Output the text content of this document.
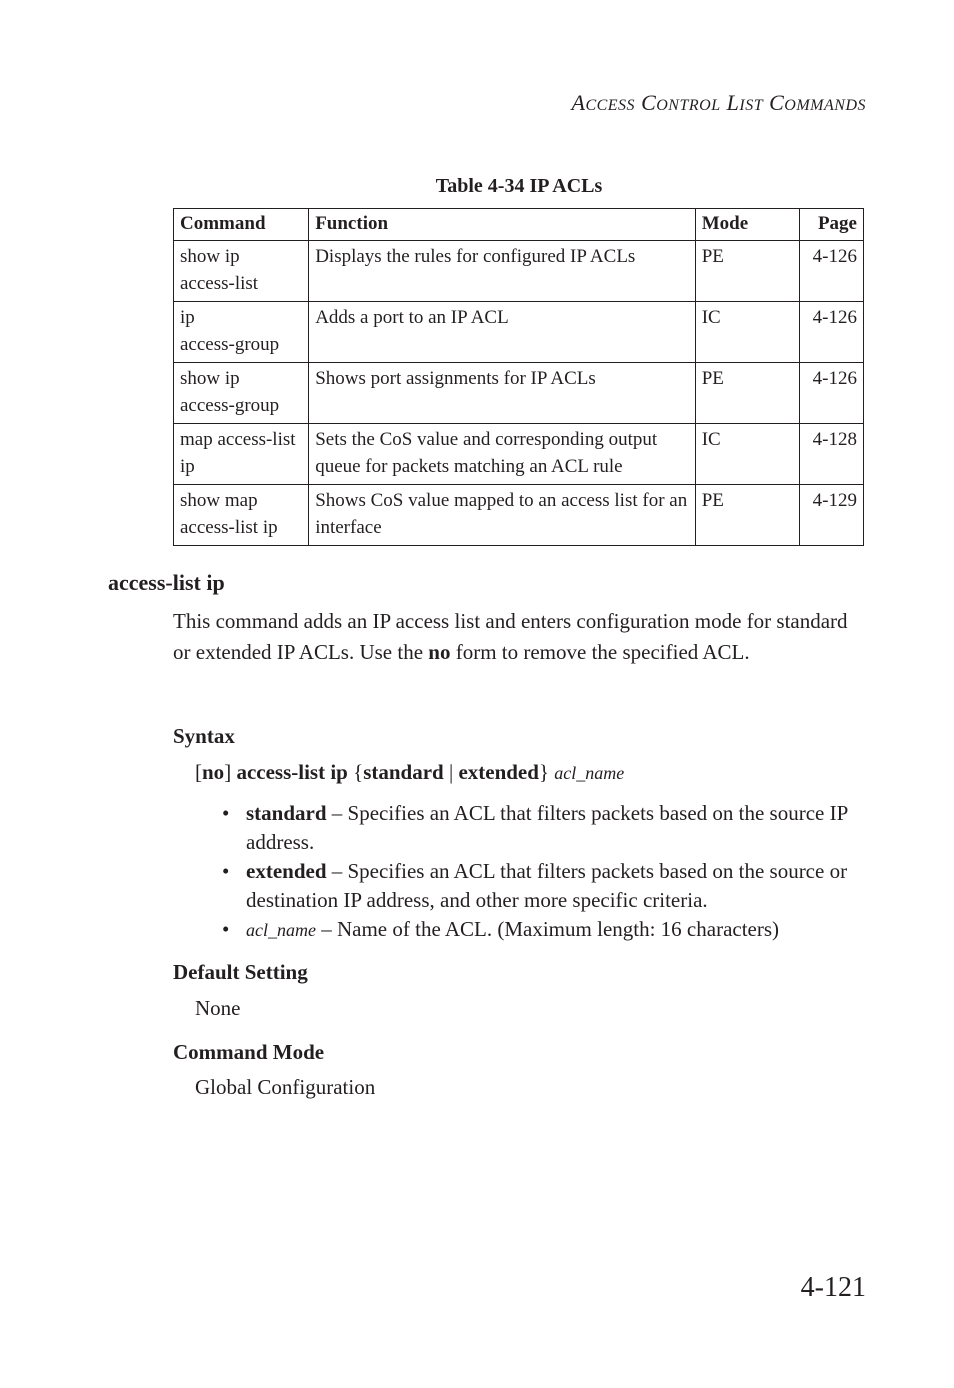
ACCESS CONTROL LIST COMMANDS
Table 4-34 IP ACLs
Command	Function	Mode	Page
show ip
access-list	Displays the rules for configured IP ACLs	PE	4-126
ip
access-group	Adds a port to an IP ACL	IC	4-126
show ip
access-group	Shows port assignments for IP ACLs	PE	4-126
map access-list
ip	Sets the CoS value and corresponding output queue for packets matching an ACL rule	IC	4-128
show map
access-list ip	Shows CoS value mapped to an access list for an interface	PE	4-129
access-list ip
This command adds an IP access list and enters configuration mode for standard or extended IP ACLs. Use the no form to remove the specified ACL.
Syntax
[no] access-list ip {standard | extended} acl_name
• standard – Specifies an ACL that filters packets based on the source IP address.
• extended – Specifies an ACL that filters packets based on the source or destination IP address, and other more specific criteria.
• acl_name – Name of the ACL. (Maximum length: 16 characters)
Default Setting
None
Command Mode
Global Configuration
4-121
